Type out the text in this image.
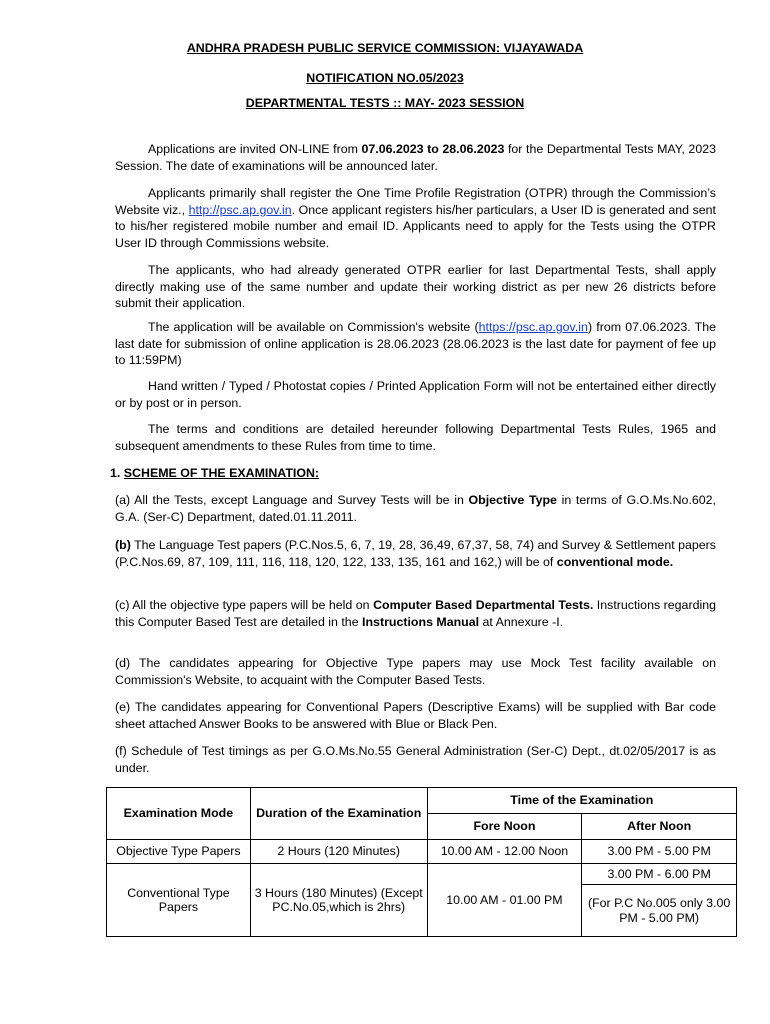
ANDHRA PRADESH PUBLIC SERVICE COMMISSION: VIJAYAWADA
NOTIFICATION NO.05/2023
DEPARTMENTAL TESTS :: MAY- 2023 SESSION

Applications are invited ON-LINE from 07.06.2023 to 28.06.2023 for the Departmental Tests MAY, 2023 Session. The date of examinations will be announced later.

Applicants primarily shall register the One Time Profile Registration (OTPR) through the Commission’s Website viz., http://psc.ap.gov.in. Once applicant registers his/her particulars, a User ID is generated and sent to his/her registered mobile number and email ID. Applicants need to apply for the Tests using the OTPR User ID through Commissions website.

The applicants, who had already generated OTPR earlier for last Departmental Tests, shall apply directly making use of the same number and update their working district as per new 26 districts before submit their application.

The application will be available on Commission's website (https://psc.ap.gov.in) from 07.06.2023. The last date for submission of online application is 28.06.2023 (28.06.2023 is the last date for payment of fee up to 11:59PM)

Hand written / Typed / Photostat copies / Printed Application Form will not be entertained either directly or by post or in person.

The terms and conditions are detailed hereunder following Departmental Tests Rules, 1965 and subsequent amendments to these Rules from time to time.

1. SCHEME OF THE EXAMINATION:

(a) All the Tests, except Language and Survey Tests will be in Objective Type in terms of G.O.Ms.No.602, G.A. (Ser-C) Department, dated.01.11.2011.

(b) The Language Test papers (P.C.Nos.5, 6, 7, 19, 28, 36,49, 67,37, 58, 74) and Survey & Settlement papers (P.C.Nos.69, 87, 109, 111, 116, 118, 120, 122, 133, 135, 161 and 162,) will be of conventional mode.

(c) All the objective type papers will be held on Computer Based Departmental Tests. Instructions regarding this Computer Based Test are detailed in the Instructions Manual at Annexure -I.

(d) The candidates appearing for Objective Type papers may use Mock Test facility available on Commission's Website, to acquaint with the Computer Based Tests.

(e) The candidates appearing for Conventional Papers (Descriptive Exams) will be supplied with Bar code sheet attached Answer Books to be answered with Blue or Black Pen.

(f) Schedule of Test timings as per G.O.Ms.No.55 General Administration (Ser-C) Dept., dt.02/05/2017 is as under.

Examination Mode	Duration of the Examination	Time of the Examination	
		Fore Noon	After Noon
Objective Type Papers	2 Hours (120 Minutes)	10.00 AM - 12.00 Noon	3.00 PM - 5.00 PM
Conventional Type Papers	3 Hours (180 Minutes) (Except PC.No.05,which is 2hrs)	10.00 AM - 01.00 PM	3.00 PM - 6.00 PM
			(For P.C No.005 only 3.00 PM - 5.00 PM)
